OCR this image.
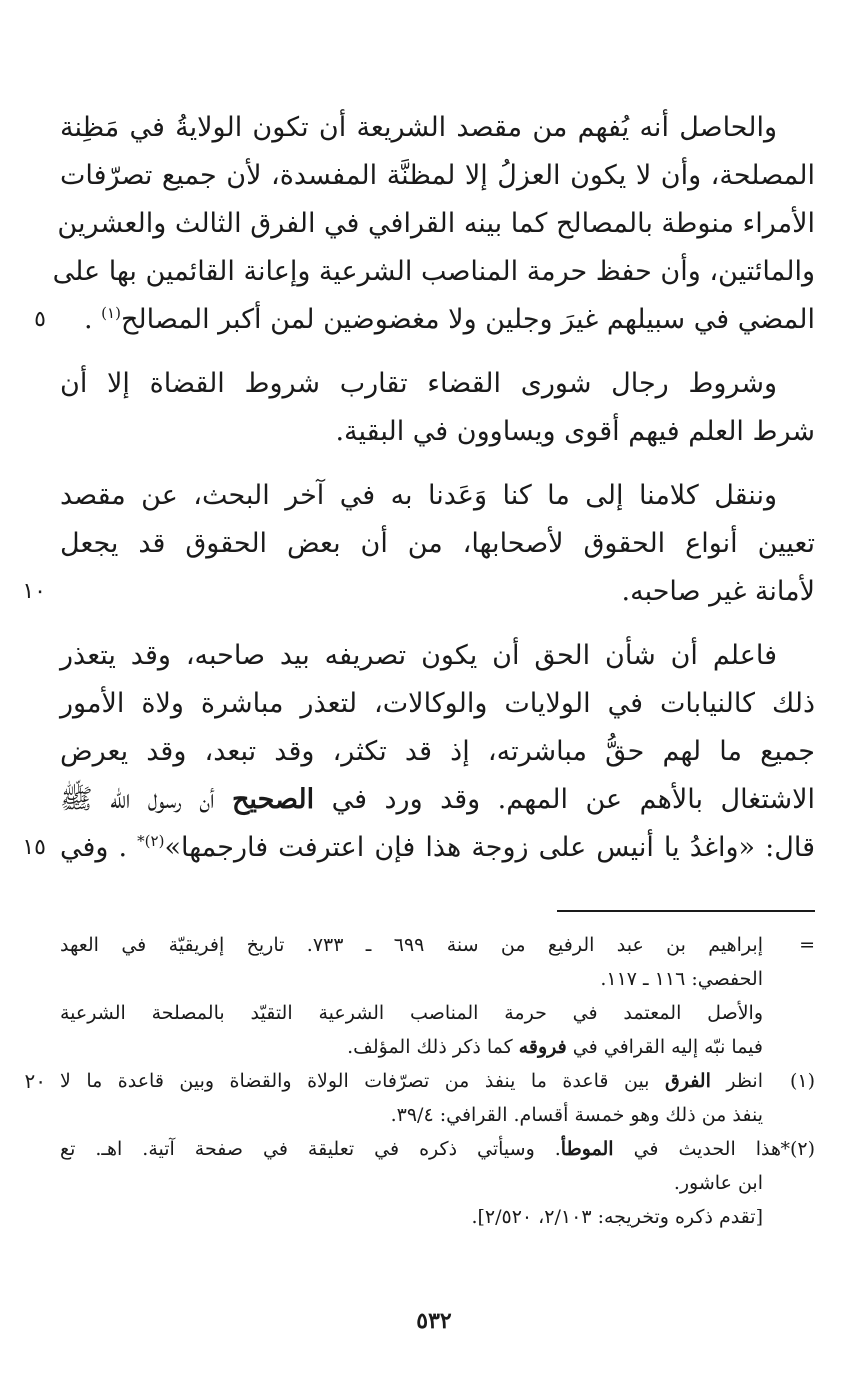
والحاصل أنه يُفهم من مقصد الشريعة أن تكون الولايةُ في مَظِنة
المصلحة، وأن لا يكون العزلُ إلا لمظنَّة المفسدة، لأن جميع تصرّفات
الأمراء منوطة بالمصالح كما بينه القرافي في الفرق الثالث والعشرين
والمائتين، وأن حفظ حرمة المناصب الشرعية وإعانة القائمين بها على
المضي في سبيلهم غيرَ وجلين ولا مغضوضين لمن أكبر المصالح$^{(١)}$ .
٥
وشروط رجال شورى القضاء تقارب شروط القضاة إلا أن
شرط العلم فيهم أقوى ويساوون في البقية.
وننقل كلامنا إلى ما كنا وَعَدنا به في آخر البحث، عن مقصد
تعيين أنواع الحقوق لأصحابها، من أن بعض الحقوق قد يجعل
لأمانة غير صاحبه.
١٠
فاعلم أن شأن الحق أن يكون تصريفه بيد صاحبه، وقد يتعذر
ذلك كالنيابات في الولايات والوكالات، لتعذر مباشرة ولاة الأمور
جميع ما لهم حقُّ مباشرته، إذ قد تكثر، وقد تبعد، وقد يعرض
الاشتغال بالأهم عن المهم. وقد ورد في الصحيح أن رسول الله ﷺ
قال: «واغدُ يا أنيس على زوجة هذا فإن اعترفت فارجمها»$^{(٢)*}$ . وفي
١٥
=
إبراهيم بن عبد الرفيع من سنة ٦٩٩ ـ ٧٣٣. تاريخ إفريقيّة في العهد
الحفصي: ١١٦ ـ ١١٧.
والأصل المعتمد في حرمة المناصب الشرعية التقيّد بالمصلحة الشرعية
فيما نبّه إليه القرافي في فروقه كما ذكر ذلك المؤلف.
(١)
انظر الفرق بين قاعدة ما ينفذ من تصرّفات الولاة والقضاة وبين قاعدة ما لا
٢٠
ينفذ من ذلك وهو خمسة أقسام. القرافي: ٣٩/٤.
(٢)*
هذا الحديث في الموطأ. وسيأتي ذكره في تعليقة في صفحة آتية. اهـ. تع
ابن عاشور.
[تقدم ذكره وتخريجه: ٢/١٠٣، ٢/٥٢٠].
٥٣٢
